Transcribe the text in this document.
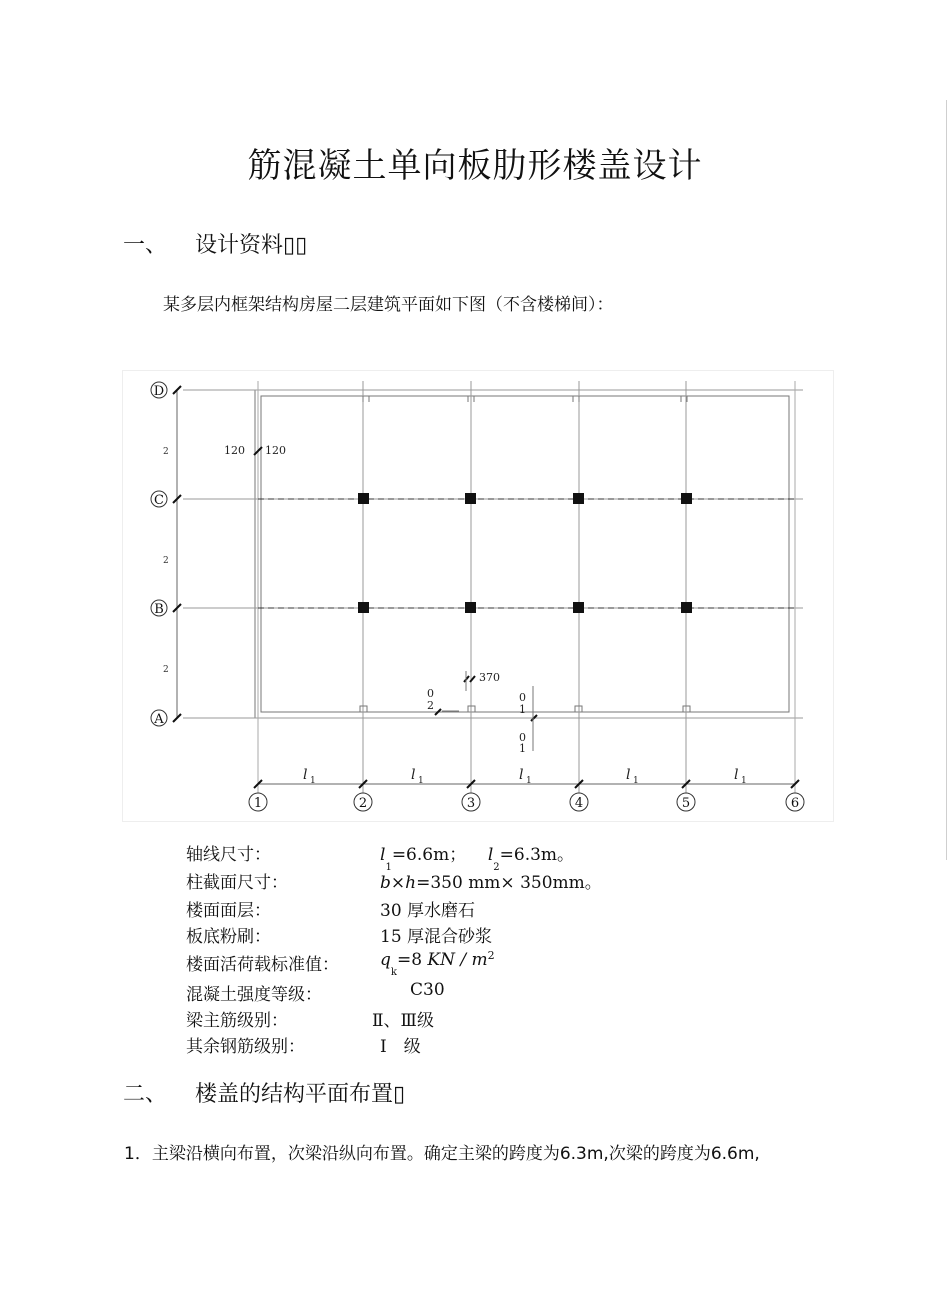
筋混凝土单向板肋形楼盖设计
一、 设计资料▯▯
某多层内框架结构房屋二层建筑平面如下图（不含楼梯间）：
D
C
B
A
1	2	3	4	5	6
l 1	l 1	l 1	l 1	l 1
2
2
2
120 120
370
0
2
0
1
0
1
轴线尺寸：	$l_1=6.6m$； $l_2=6.3m$。
柱截面尺寸：	b×h=350 mm× 350mm。
楼面面层：	30 厚水磨石
板底粉刷：	15 厚混合砂浆
楼面活荷载标准值： $q_k=8$ KN / $m^2$
混凝土强度等级：	C30
梁主筋级别：	Ⅱ、Ⅲ级
其余钢筋级别：	Ⅰ　级
二、 楼盖的结构平面布置▯
1．主梁沿横向布置，次梁沿纵向布置。确定主梁的跨度为6.3m,次梁的跨度为6.6m,
